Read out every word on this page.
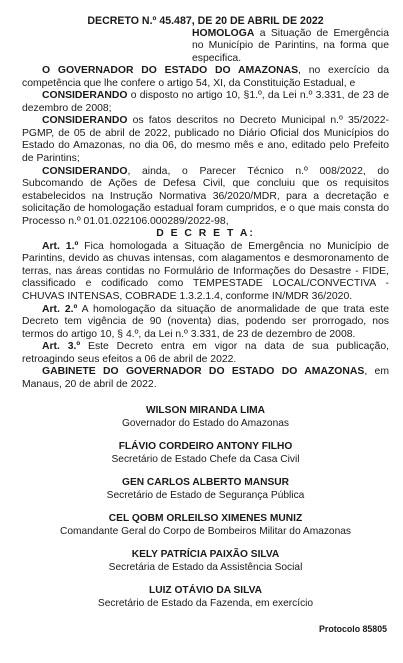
DECRETO N.º 45.487, DE 20 DE ABRIL DE 2022

HOMOLOGA a Situação de Emergência no Município de Parintins, na forma que especifica.

O GOVERNADOR DO ESTADO DO AMAZONAS, no exercício da competência que lhe confere o artigo 54, XI, da Constituição Estadual, e

CONSIDERANDO o disposto no artigo 10, §1.º, da Lei n.º 3.331, de 23 de dezembro de 2008;

CONSIDERANDO os fatos descritos no Decreto Municipal n.º 35/2022-PGMP, de 05 de abril de 2022, publicado no Diário Oficial dos Municípios do Estado do Amazonas, no dia 06, do mesmo mês e ano, editado pelo Prefeito de Parintins;

CONSIDERANDO, ainda, o Parecer Técnico n.º 008/2022, do Subcomando de Ações de Defesa Civil, que concluiu que os requisitos estabelecidos na Instrução Normativa 36/2020/MDR, para a decretação e solicitação de homologação estadual foram cumpridos, e o que mais consta do Processo n.º 01.01.022106.000289/2022-98,

D E C R E T A:

Art. 1.º Fica homologada a Situação de Emergência no Município de Parintins, devido as chuvas intensas, com alagamentos e desmoronamento de terras, nas áreas contidas no Formulário de Informações do Desastre - FIDE, classificado e codificado como TEMPESTADE LOCAL/CONVECTIVA - CHUVAS INTENSAS, COBRADE 1.3.2.1.4, conforme IN/MDR 36/2020.

Art. 2.º A homologação da situação de anormalidade de que trata este Decreto tem vigência de 90 (noventa) dias, podendo ser prorrogado, nos termos do artigo 10, § 4.º, da Lei n.º 3.331, de 23 de dezembro de 2008.

Art. 3.º Este Decreto entra em vigor na data de sua publicação, retroagindo seus efeitos a 06 de abril de 2022.

GABINETE DO GOVERNADOR DO ESTADO DO AMAZONAS, em Manaus, 20 de abril de 2022.

WILSON MIRANDA LIMA
Governador do Estado do Amazonas
FLÁVIO CORDEIRO ANTONY FILHO
Secretário de Estado Chefe da Casa Civil
GEN CARLOS ALBERTO MANSUR
Secretário de Estado de Segurança Pública
CEL QOBM ORLEILSO XIMENES MUNIZ
Comandante Geral do Corpo de Bombeiros Militar do Amazonas
KELY PATRÍCIA PAIXÃO SILVA
Secretária de Estado da Assistência Social
LUIZ OTÁVIO DA SILVA
Secretário de Estado da Fazenda, em exercício
Protocolo 85805
